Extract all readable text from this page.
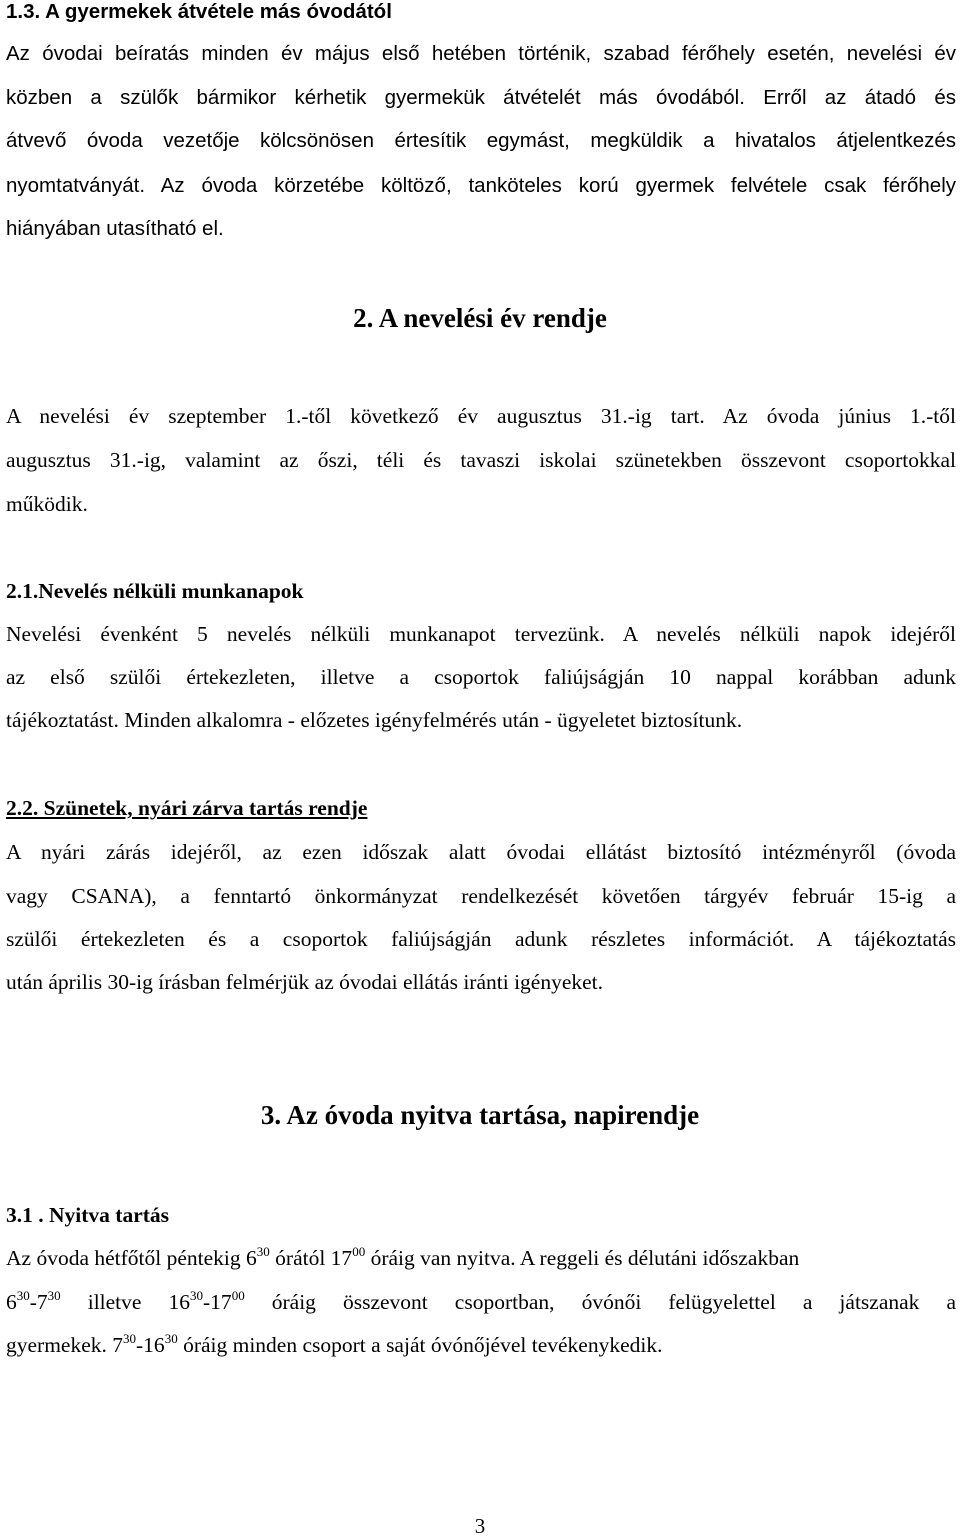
1.3. A gyermekek átvétele más óvodától
Az óvodai beíratás minden év május első hetében történik, szabad férőhely esetén, nevelési év
közben a szülők bármikor kérhetik gyermekük átvételét más óvodából. Erről az átadó és
átvevő óvoda vezetője kölcsönösen értesítik egymást, megküldik a hivatalos átjelentkezés
nyomtatványát. Az óvoda körzetébe költöző, tanköteles korú gyermek felvétele csak férőhely
hiányában utasítható el.
2. A nevelési év rendje
A nevelési év szeptember 1.-től következő év augusztus 31.-ig tart. Az óvoda június 1.-től
augusztus 31.-ig, valamint az őszi, téli és tavaszi iskolai szünetekben összevont csoportokkal
működik.
2.1.Nevelés nélküli munkanapok
Nevelési évenként 5 nevelés nélküli munkanapot tervezünk. A nevelés nélküli napok idejéről
az első szülői értekezleten, illetve a csoportok faliújságján 10 nappal korábban adunk
tájékoztatást. Minden alkalomra - előzetes igényfelmérés után - ügyeletet biztosítunk.
2.2. Szünetek, nyári zárva tartás rendje
A nyári zárás idejéről, az ezen időszak alatt óvodai ellátást biztosító intézményről (óvoda
vagy CSANA), a fenntartó önkormányzat rendelkezését követően tárgyév február 15-ig a
szülői értekezleten és a csoportok faliújságján adunk részletes információt. A tájékoztatás
után április 30-ig írásban felmérjük az óvodai ellátás iránti igényeket.
3. Az óvoda nyitva tartása, napirendje
3.1 . Nyitva tartás
Az óvoda hétfőtől péntekig $6^{30}$ órától $17^{00}$ óráig van nyitva. A reggeli és délutáni időszakban
$6^{30}-7^{30}$ illetve $16^{30}-17^{00}$ óráig összevont csoportban, óvónői felügyelettel a játszanak a
gyermekek. $7^{30}-16^{30}$ óráig minden csoport a saját óvónőjével tevékenykedik.
3
